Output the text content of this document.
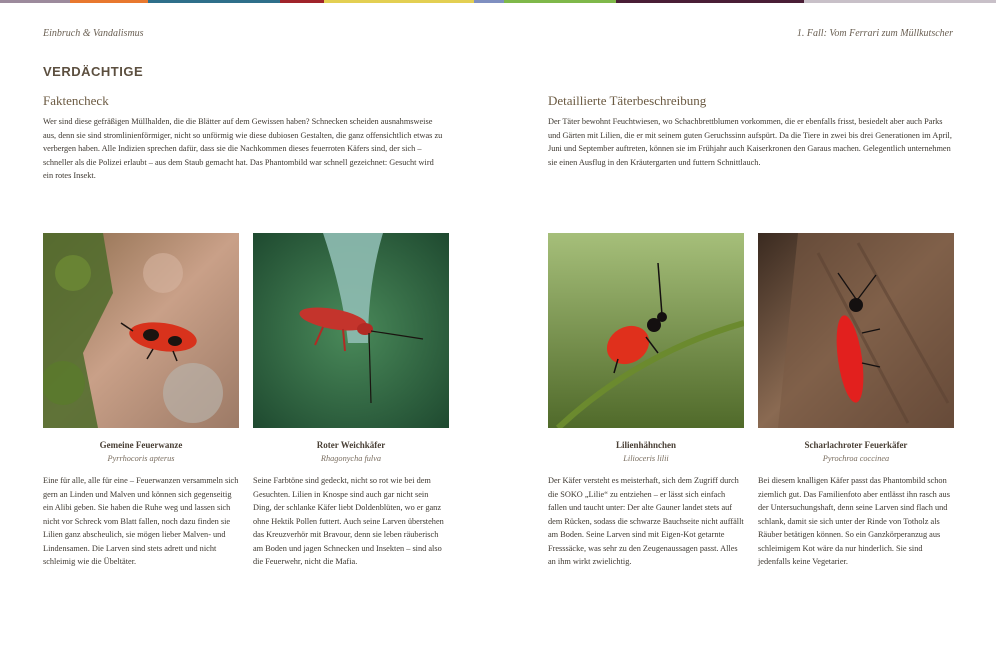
Einbruch & Vandalismus	1. Fall: Vom Ferrari zum Müllkutscher
VERDÄCHTIGE
Faktencheck
Wer sind diese gefräßigen Müllhalden, die die Blätter auf dem Gewissen haben? Schnecken scheiden ausnahmsweise aus, denn sie sind stromlinienförmiger, nicht so unförmig wie diese dubiosen Gestalten, die ganz offensichtlich etwas zu verbergen haben. Alle Indizien sprechen dafür, dass sie die Nachkommen dieses feuerroten Käfers sind, der sich – schneller als die Polizei erlaubt – aus dem Staub gemacht hat. Das Phantombild war schnell gezeichnet: Gesucht wird ein rotes Insekt.
Detaillierte Täterbeschreibung
Der Täter bewohnt Feuchtwiesen, wo Schachbrettblumen vorkommen, die er ebenfalls frisst, besiedelt aber auch Parks und Gärten mit Lilien, die er mit seinem guten Geruchssinn aufspürt. Da die Tiere in zwei bis drei Generationen im April, Juni und September auftreten, können sie im Frühjahr auch Kaiserkronen den Garaus machen. Gelegentlich unternehmen sie einen Ausflug in den Kräutergarten und futtern Schnittlauch.
Gemeine Feuerwanze
Pyrrhocoris apterus
Eine für alle, alle für eine – Feuerwanzen versammeln sich gern an Linden und Malven und können sich gegenseitig ein Alibi geben. Sie haben die Ruhe weg und lassen sich nicht vor Schreck vom Blatt fallen, noch dazu finden sie Lilien ganz abscheulich, sie mögen lieber Malven- und Lindensamen. Die Larven sind stets adrett und nicht schleimig wie die Übeltäter.
Roter Weichkäfer
Rhagonycha fulva
Seine Farbtöne sind gedeckt, nicht so rot wie bei dem Gesuchten. Lilien in Knospe sind auch gar nicht sein Ding, der schlanke Käfer liebt Doldenblüten, wo er ganz ohne Hektik Pollen futtert. Auch seine Larven überstehen das Kreuzverhör mit Bravour, denn sie leben räuberisch am Boden und jagen Schnecken und Insekten – sind also die Feuerwehr, nicht die Mafia.
Lilienhähnchen
Lilioceris lilii
Der Käfer versteht es meisterhaft, sich dem Zugriff durch die SOKO „Lilie“ zu entziehen – er lässt sich einfach fallen und taucht unter: Der alte Gauner landet stets auf dem Rücken, sodass die schwarze Bauchseite nicht auffällt am Boden. Seine Larven sind mit Eigen-Kot getarnte Fresssäcke, was sehr zu den Zeugenaussagen passt. Alles an ihm wirkt zwielichtig.
Scharlachroter Feuerkäfer
Pyrochroa coccinea
Bei diesem knalligen Käfer passt das Phantombild schon ziemlich gut. Das Familienfoto aber entlässt ihn rasch aus der Untersuchungshaft, denn seine Larven sind flach und schlank, damit sie sich unter der Rinde von Totholz als Räuber betätigen können. So ein Ganzkörperanzug aus schleimigem Kot wäre da nur hinderlich. Sie sind jedenfalls keine Vegetarier.
